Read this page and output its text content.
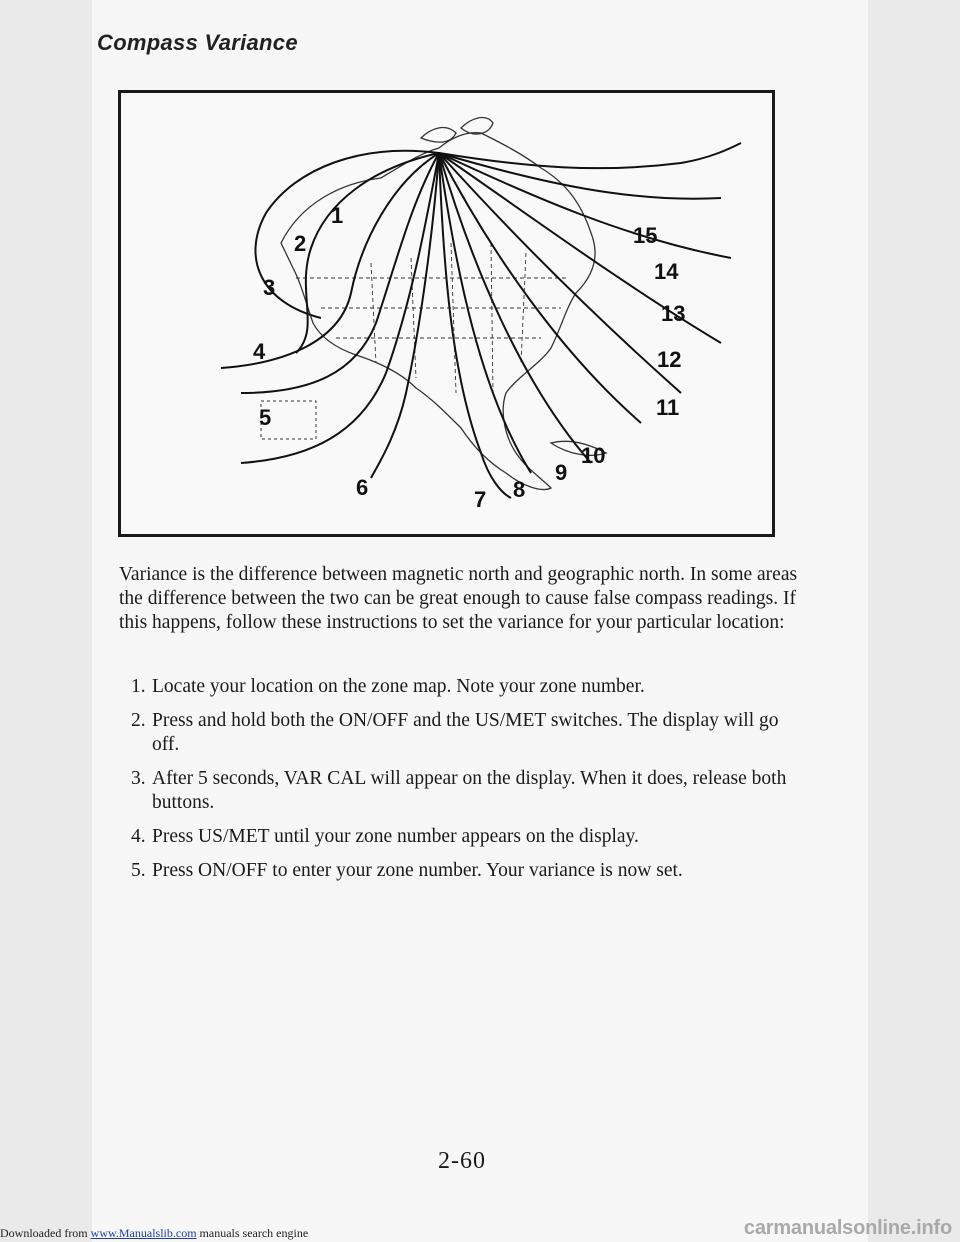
Compass Variance
1
2
3
4
5
6	7 8
9
10
11
12
13
14
15

Variance is the difference between magnetic north and geographic north. In some areas the difference between the two can be great enough to cause false compass readings. If this happens, follow these instructions to set the variance for your particular location:

1. Locate your location on the zone map. Note your zone number.
2. Press and hold both the ON/OFF and the US/MET switches. The display will go off.
3. After 5 seconds, VAR CAL will appear on the display. When it does, release both buttons.
4. Press US/MET until your zone number appears on the display.
5. Press ON/OFF to enter your zone number. Your variance is now set.
2-60
Downloaded from www.Manualslib.com manuals search engine	carmanualsonline.info
